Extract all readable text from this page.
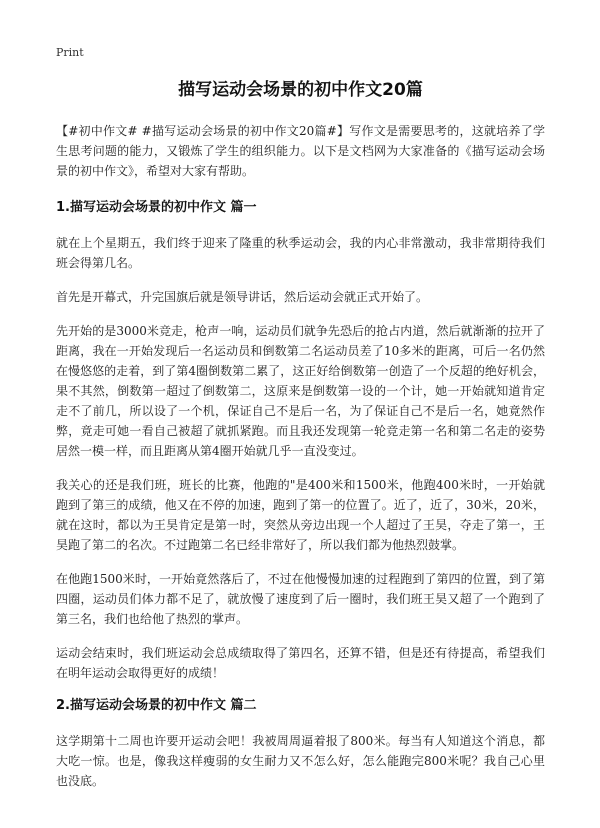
Print
描写运动会场景的初中作文20篇

【#初中作文# #描写运动会场景的初中作文20篇#】写作文是需要思考的，这就培养了学生思考问题的能力，又锻炼了学生的组织能力。以下是文档网为大家准备的《描写运动会场景的初中作文》，希望对大家有帮助。

1.描写运动会场景的初中作文 篇一

就在上个星期五，我们终于迎来了隆重的秋季运动会，我的内心非常激动，我非常期待我们班会得第几名。

首先是开幕式，升完国旗后就是领导讲话，然后运动会就正式开始了。

先开始的是3000米竞走，枪声一响，运动员们就争先恐后的抢占内道，然后就渐渐的拉开了距离，我在一开始发现后一名运动员和倒数第二名运动员差了10多米的距离，可后一名仍然在慢悠悠的走着，到了第4圈倒数第二累了，这正好给倒数第一创造了一个反超的绝好机会，果不其然，倒数第一超过了倒数第二，这原来是倒数第一设的一个计，她一开始就知道肯定走不了前几，所以设了一个机，保证自己不是后一名，为了保证自己不是后一名，她竟然作弊，竟走可她一看自己被超了就抓紧跑。而且我还发现第一轮竞走第一名和第二名走的姿势居然一模一样，而且距离从第4圈开始就几乎一直没变过。

我关心的还是我们班，班长的比赛，他跑的"是400米和1500米，他跑400米时，一开始就跑到了第三的成绩，他又在不停的加速，跑到了第一的位置了。近了，近了，30米，20米，就在这时，都以为王昊肯定是第一时，突然从旁边出现一个人超过了王昊，夺走了第一，王昊跑了第二的名次。不过跑第二名已经非常好了，所以我们都为他热烈鼓掌。

在他跑1500米时，一开始竟然落后了，不过在他慢慢加速的过程跑到了第四的位置，到了第四圈，运动员们体力都不足了，就放慢了速度到了后一圈时，我们班王昊又超了一个跑到了第三名，我们也给他了热烈的掌声。

运动会结束时，我们班运动会总成绩取得了第四名，还算不错，但是还有待提高，希望我们在明年运动会取得更好的成绩！

2.描写运动会场景的初中作文 篇二

这学期第十二周也许要开运动会吧！我被周周逼着报了800米。每当有人知道这个消息，都大吃一惊。也是，像我这样瘦弱的女生耐力又不怎么好，怎么能跑完800米呢？我自己心里也没底。
